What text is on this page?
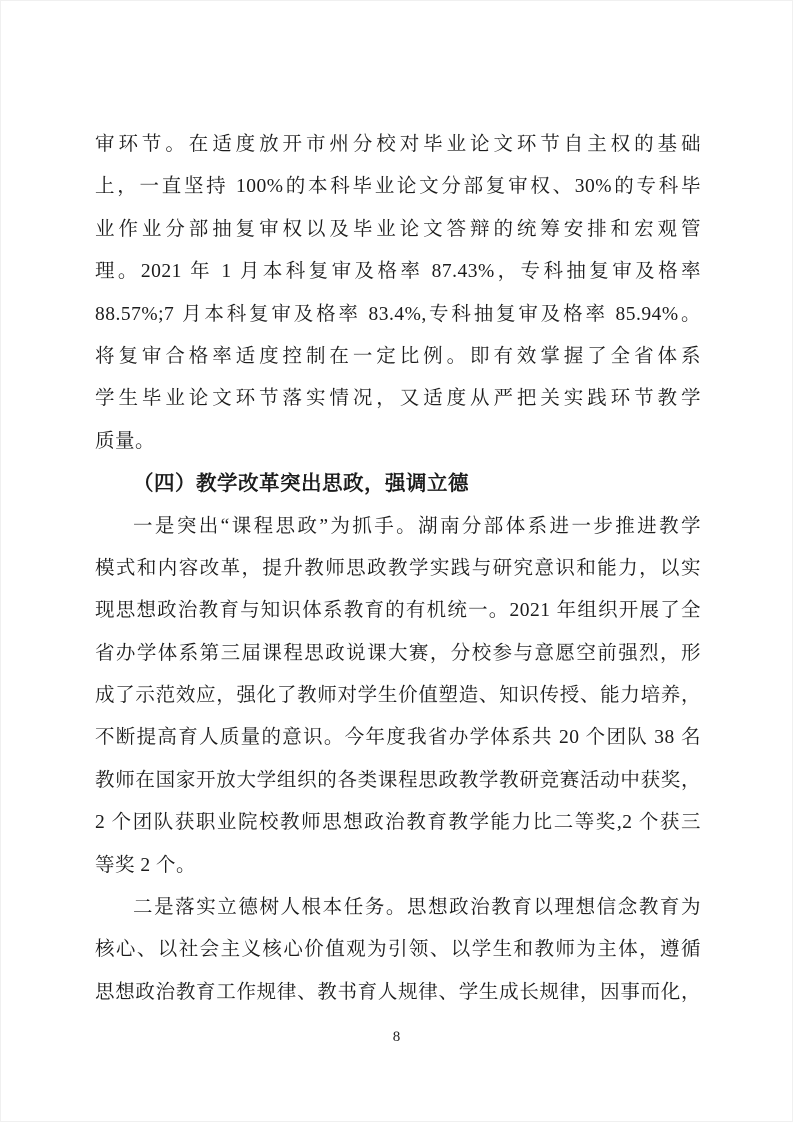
审环节。在适度放开市州分校对毕业论文环节自主权的基础
上，一直坚持 100%的本科毕业论文分部复审权、30%的专科毕
业作业分部抽复审权以及毕业论文答辩的统筹安排和宏观管
理。2021 年 1 月本科复审及格率 87.43%，专科抽复审及格率
88.57%;7 月本科复审及格率 83.4%,专科抽复审及格率 85.94%。
将复审合格率适度控制在一定比例。即有效掌握了全省体系
学生毕业论文环节落实情况，又适度从严把关实践环节教学
质量。
（四）教学改革突出思政，强调立德
一是突出“课程思政”为抓手。湖南分部体系进一步推进教学
模式和内容改革，提升教师思政教学实践与研究意识和能力，以实
现思想政治教育与知识体系教育的有机统一。2021 年组织开展了全
省办学体系第三届课程思政说课大赛，分校参与意愿空前强烈，形
成了示范效应，强化了教师对学生价值塑造、知识传授、能力培养，
不断提高育人质量的意识。今年度我省办学体系共 20 个团队 38 名
教师在国家开放大学组织的各类课程思政教学教研竞赛活动中获奖，
2 个团队获职业院校教师思想政治教育教学能力比二等奖,2 个获三
等奖 2 个。
二是落实立德树人根本任务。思想政治教育以理想信念教育为
核心、以社会主义核心价值观为引领、以学生和教师为主体，遵循
思想政治教育工作规律、教书育人规律、学生成长规律，因事而化，
8
